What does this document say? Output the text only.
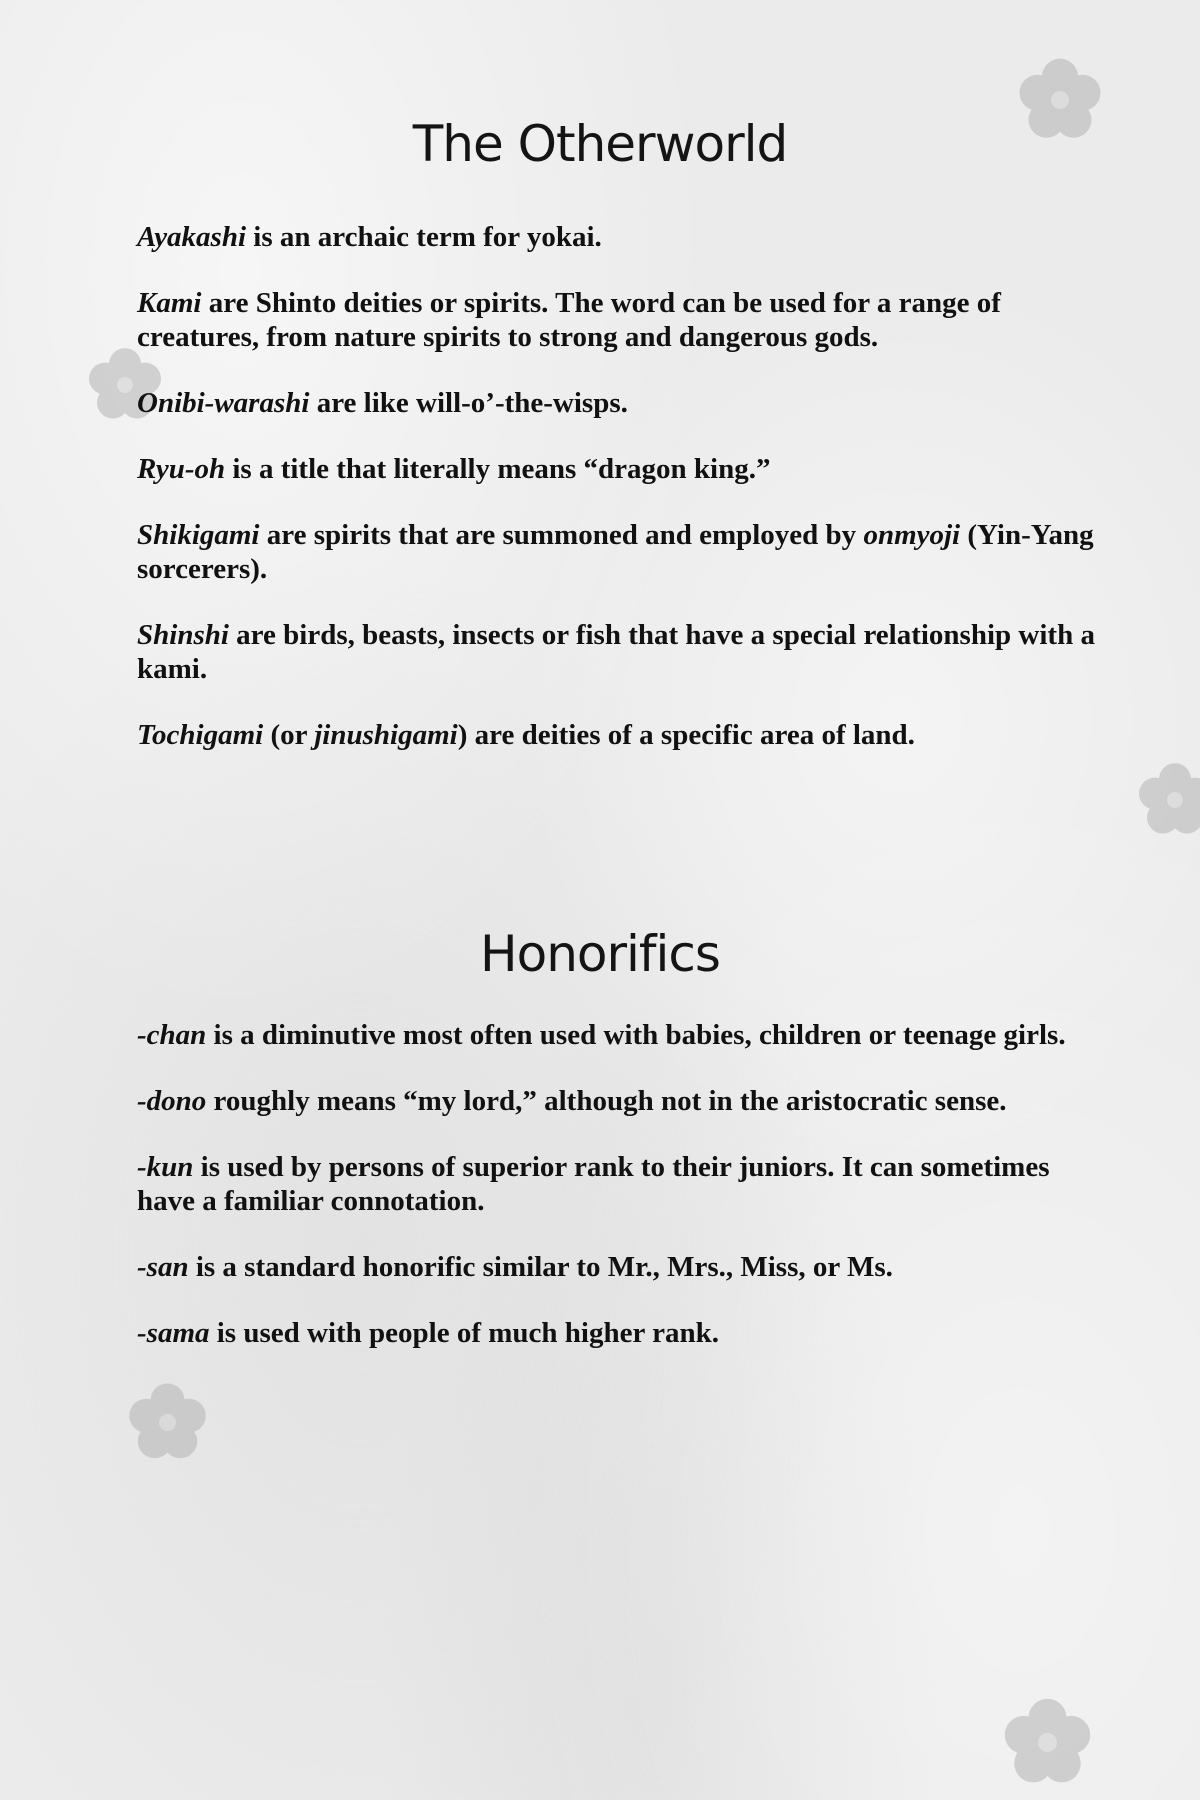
The Otherworld
Ayakashi is an archaic term for yokai.
Kami are Shinto deities or spirits. The word can be used for a range of creatures, from nature spirits to strong and dangerous gods.
Onibi-warashi are like will-o’-the-wisps.
Ryu-oh is a title that literally means “dragon king.”
Shikigami are spirits that are summoned and employed by onmyoji (Yin-Yang sorcerers).
Shinshi are birds, beasts, insects or fish that have a special relationship with a kami.
Tochigami (or jinushigami) are deities of a specific area of land.
Honorifics
-chan is a diminutive most often used with babies, children or teenage girls.
-dono roughly means “my lord,” although not in the aristocratic sense.
-kun is used by persons of superior rank to their juniors. It can sometimes have a familiar connotation.
-san is a standard honorific similar to Mr., Mrs., Miss, or Ms.
-sama is used with people of much higher rank.
